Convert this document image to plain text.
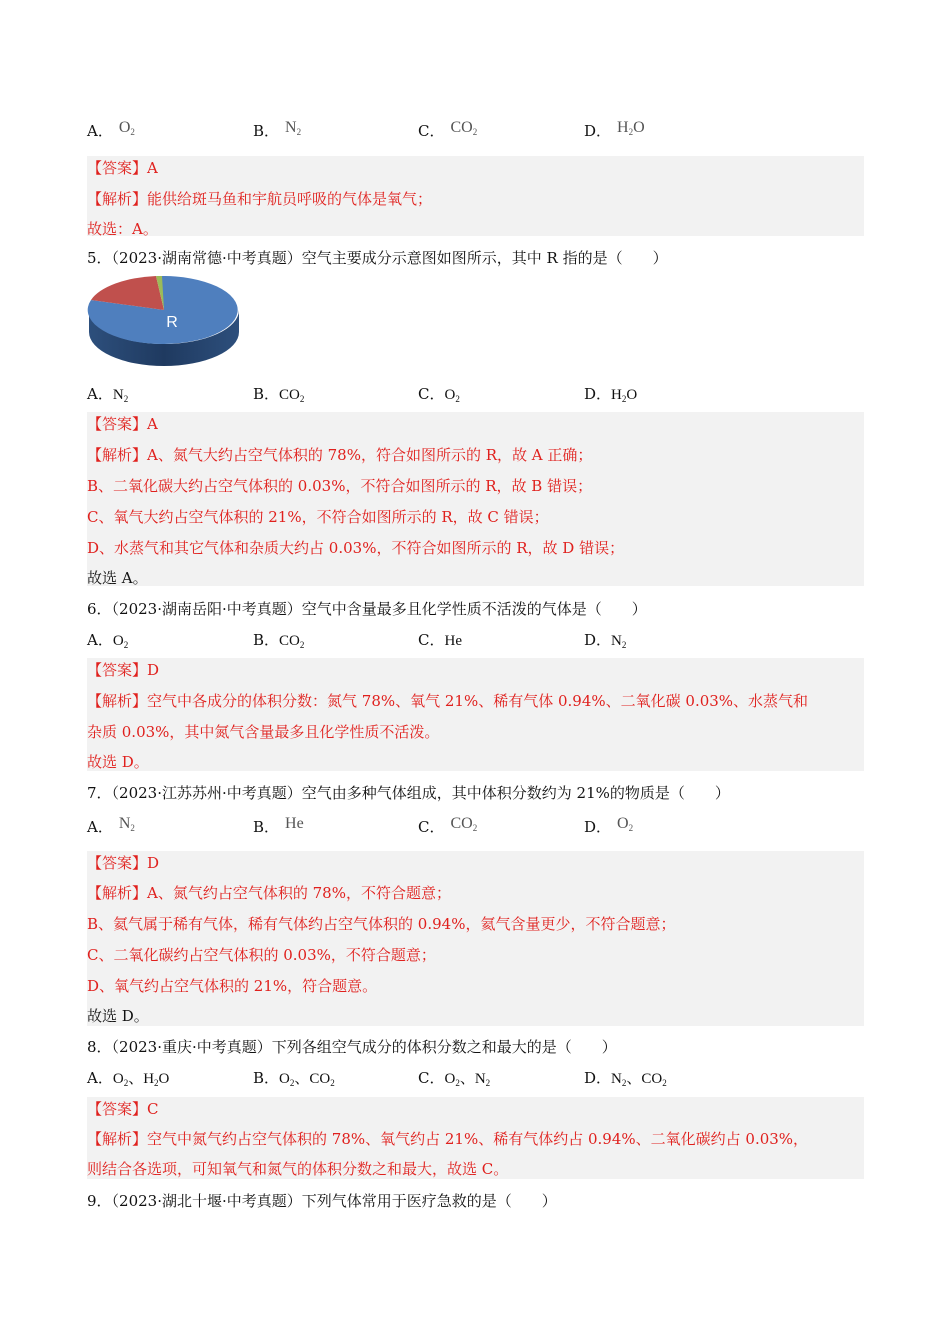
A． $O_2$	B． $N_2$	C． $CO_2$	D． $H_2O$
【答案】A
【解析】能供给斑马鱼和宇航员呼吸的气体是氧气；
故选：A。
5．（2023·湖南常德·中考真题）空气主要成分示意图如图所示，其中 R 指的是（　　）
R
A．$N_2$	B．$CO_2$	C．$O_2$	D．$H_2O$
【答案】A
【解析】A、氮气大约占空气体积的 78%，符合如图所示的 R，故 A 正确；
B、二氧化碳大约占空气体积的 0.03%，不符合如图所示的 R，故 B 错误；
C、氧气大约占空气体积的 21%，不符合如图所示的 R，故 C 错误；
D、水蒸气和其它气体和杂质大约占 0.03%，不符合如图所示的 R，故 D 错误；
故选 A。
6．（2023·湖南岳阳·中考真题）空气中含量最多且化学性质不活泼的气体是（　　）
A．$O_2$	B．$CO_2$	C．He	D．$N_2$
【答案】D
【解析】空气中各成分的体积分数：氮气 78%、氧气 21%、稀有气体 0.94%、二氧化碳 0.03%、水蒸气和
杂质 0.03%，其中氮气含量最多且化学性质不活泼。
故选 D。
7．（2023·江苏苏州·中考真题）空气由多种气体组成，其中体积分数约为 21%的物质是（　　）
A． $N_2$	B． He	C． $CO_2$	D． $O_2$
【答案】D
【解析】A、氮气约占空气体积的 78%，不符合题意；
B、氦气属于稀有气体，稀有气体约占空气体积的 0.94%，氦气含量更少，不符合题意；
C、二氧化碳约占空气体积的 0.03%，不符合题意；
D、氧气约占空气体积的 21%，符合题意。
故选 D。
8．（2023·重庆·中考真题）下列各组空气成分的体积分数之和最大的是（　　）
A．$O_2$、$H_2O$	B．$O_2$、$CO_2$	C．$O_2$、$N_2$	D．$N_2$、$CO_2$
【答案】C
【解析】空气中氮气约占空气体积的 78%、氧气约占 21%、稀有气体约占 0.94%、二氧化碳约占 0.03%，
则结合各选项，可知氧气和氮气的体积分数之和最大，故选 C。
9．（2023·湖北十堰·中考真题）下列气体常用于医疗急救的是（　　）
